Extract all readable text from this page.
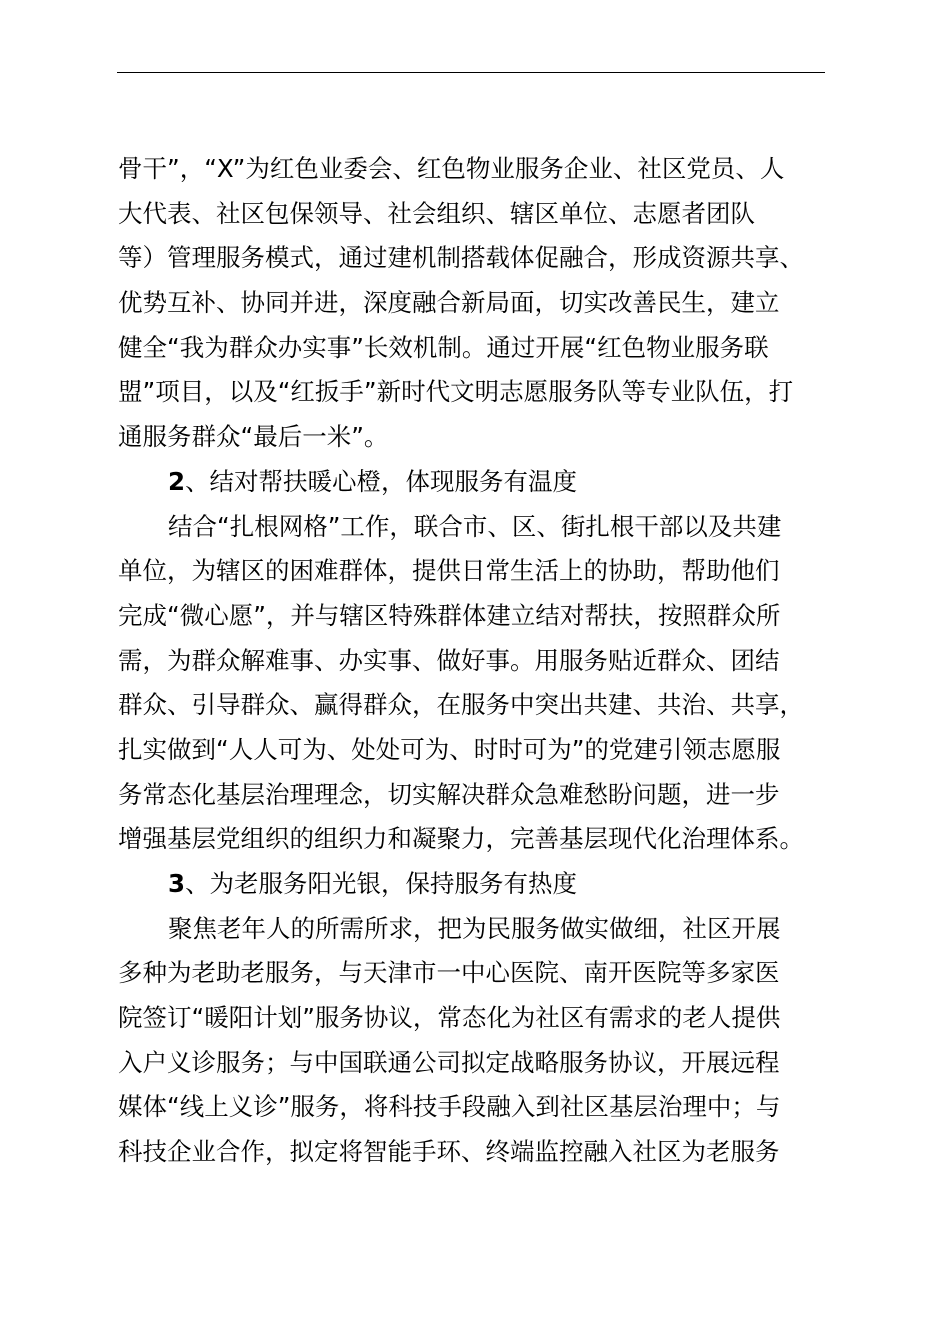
骨干”，“X”为红色业委会、红色物业服务企业、社区党员、人
大代表、社区包保领导、社会组织、辖区单位、志愿者团队
等）管理服务模式，通过建机制搭载体促融合，形成资源共享、
优势互补、协同并进，深度融合新局面，切实改善民生，建立
健全“我为群众办实事”长效机制。通过开展“红色物业服务联
盟”项目，以及“红扳手”新时代文明志愿服务队等专业队伍，打
通服务群众“最后一米”。
2、结对帮扶暖心橙，体现服务有温度
结合“扎根网格”工作，联合市、区、街扎根干部以及共建
单位，为辖区的困难群体，提供日常生活上的协助，帮助他们
完成“微心愿”，并与辖区特殊群体建立结对帮扶，按照群众所
需，为群众解难事、办实事、做好事。用服务贴近群众、团结
群众、引导群众、赢得群众，在服务中突出共建、共治、共享，
扎实做到“人人可为、处处可为、时时可为”的党建引领志愿服
务常态化基层治理理念，切实解决群众急难愁盼问题，进一步
增强基层党组织的组织力和凝聚力，完善基层现代化治理体系。
3、为老服务阳光银，保持服务有热度
聚焦老年人的所需所求，把为民服务做实做细，社区开展
多种为老助老服务，与天津市一中心医院、南开医院等多家医
院签订“暖阳计划”服务协议，常态化为社区有需求的老人提供
入户义诊服务；与中国联通公司拟定战略服务协议，开展远程
媒体“线上义诊”服务，将科技手段融入到社区基层治理中；与
科技企业合作，拟定将智能手环、终端监控融入社区为老服务
